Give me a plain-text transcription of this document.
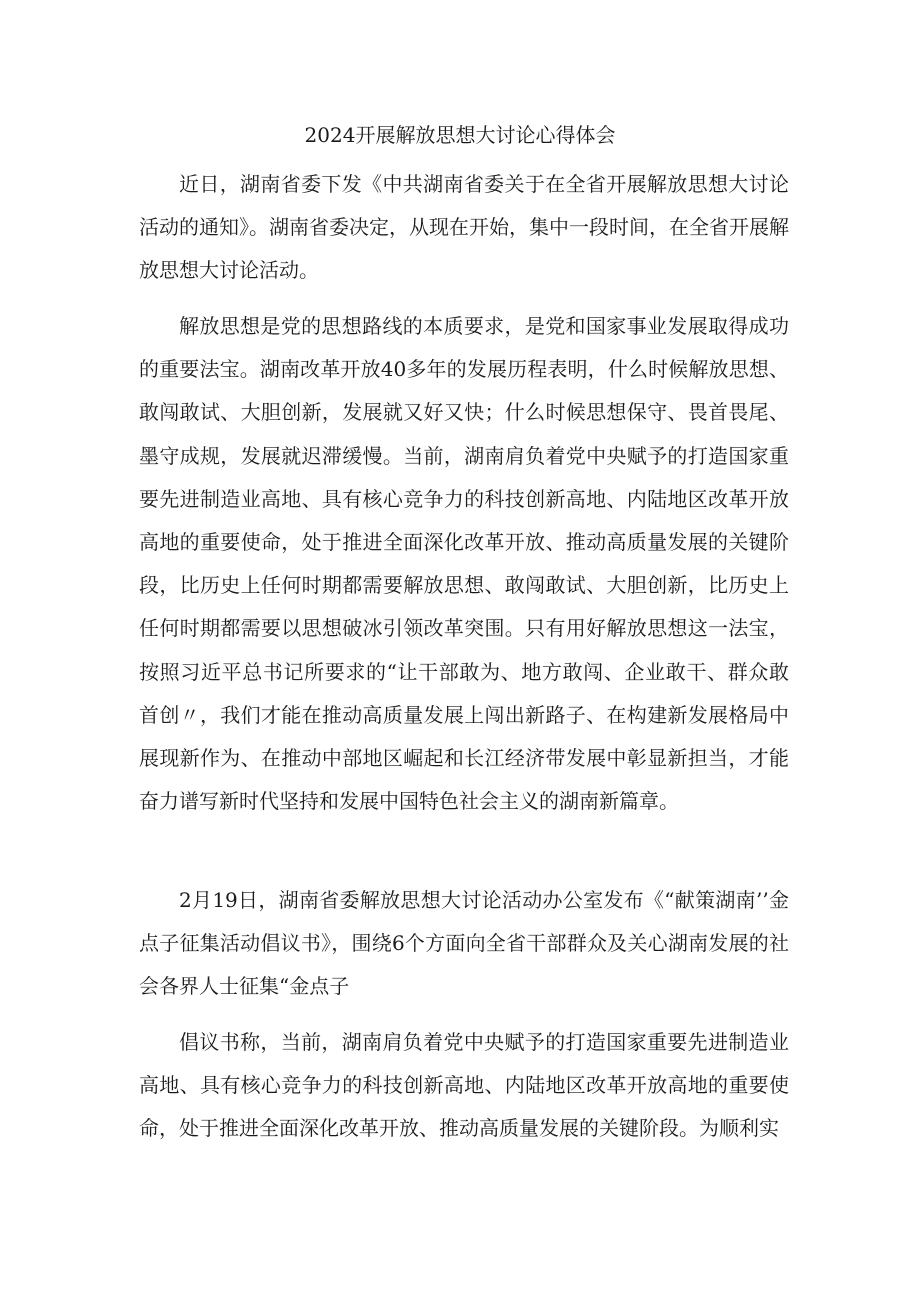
2024开展解放思想大讨论心得体会

近日，湖南省委下发《中共湖南省委关于在全省开展解放思想大讨论活动的通知》。湖南省委决定，从现在开始，集中一段时间，在全省开展解放思想大讨论活动。

解放思想是党的思想路线的本质要求，是党和国家事业发展取得成功的重要法宝。湖南改革开放40多年的发展历程表明，什么时候解放思想、敢闯敢试、大胆创新，发展就又好又快；什么时候思想保守、畏首畏尾、墨守成规，发展就迟滞缓慢。当前，湖南肩负着党中央赋予的打造国家重要先进制造业高地、具有核心竞争力的科技创新高地、内陆地区改革开放高地的重要使命，处于推进全面深化改革开放、推动高质量发展的关键阶段，比历史上任何时期都需要解放思想、敢闯敢试、大胆创新，比历史上任何时期都需要以思想破冰引领改革突围。只有用好解放思想这一法宝，按照习近平总书记所要求的“让干部敢为、地方敢闯、企业敢干、群众敢首创〃，我们才能在推动高质量发展上闯出新路子、在构建新发展格局中展现新作为、在推动中部地区崛起和长江经济带发展中彰显新担当，才能奋力谱写新时代坚持和发展中国特色社会主义的湖南新篇章。

2月19日，湖南省委解放思想大讨论活动办公室发布《“献策湖南’’金点子征集活动倡议书》，围绕6个方面向全省干部群众及关心湖南发展的社会各界人士征集“金点子

倡议书称，当前，湖南肩负着党中央赋予的打造国家重要先进制造业高地、具有核心竞争力的科技创新高地、内陆地区改革开放高地的重要使命，处于推进全面深化改革开放、推动高质量发展的关键阶段。为顺利实
